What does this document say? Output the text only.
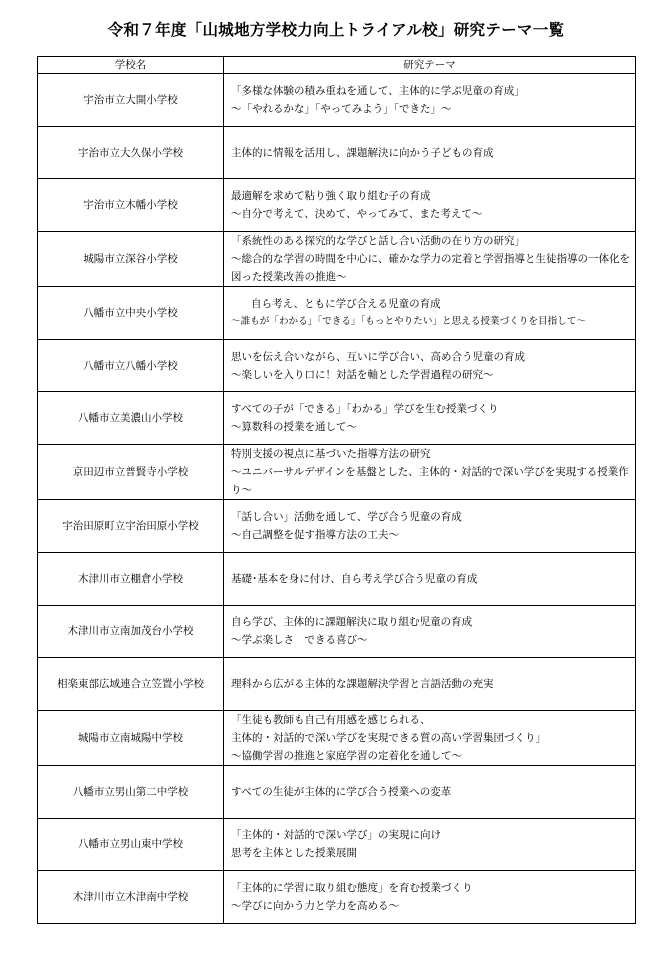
令和７年度「山城地方学校力向上トライアル校」研究テーマ一覧
学校名	研究テーマ
宇治市立大開小学校	「多様な体験の積み重ねを通して、主体的に学ぶ児童の育成」
～「やれるかな」「やってみよう」「できた」～

宇治市立大久保小学校	主体的に情報を活用し、課題解決に向かう子どもの育成

宇治市立木幡小学校	最適解を求めて粘り強く取り組む子の育成
～自分で考えて、決めて、やってみて、また考えて～

城陽市立深谷小学校	「系統性のある探究的な学びと話し合い活動の在り方の研究」
～総合的な学習の時間を中心に、確かな学力の定着と学習指導と生徒指導の一体化を図った授業改善の推進～

八幡市立中央小学校	自ら考え、ともに学び合える児童の育成
～誰もが「わかる」「できる」「もっとやりたい」と思える授業づくりを目指して～

八幡市立八幡小学校	思いを伝え合いながら、互いに学び合い、高め合う児童の育成
～楽しいを入り口に！対話を軸とした学習過程の研究～

八幡市立美濃山小学校	すべての子が「できる」「わかる」学びを生む授業づくり
～算数科の授業を通して～

京田辺市立普賢寺小学校	特別支援の視点に基づいた指導方法の研究
～ユニバーサルデザインを基盤とした、主体的・対話的で深い学びを実現する授業作り～

宇治田原町立宇治田原小学校	「話し合い」活動を通して、学び合う児童の育成
～自己調整を促す指導方法の工夫～

木津川市立棚倉小学校	基礎･基本を身に付け、自ら考え学び合う児童の育成

木津川市立南加茂台小学校	自ら学び、主体的に課題解決に取り組む児童の育成
～学ぶ楽しさ　できる喜び～

相楽東部広域連合立笠置小学校	理科から広がる主体的な課題解決学習と言語活動の充実

城陽市立南城陽中学校	「生徒も教師も自己有用感を感じられる、
主体的・対話的で深い学びを実現できる質の高い学習集団づくり」
～協働学習の推進と家庭学習の定着化を通して～

八幡市立男山第二中学校	すべての生徒が主体的に学び合う授業への変革

八幡市立男山東中学校	「主体的・対話的で深い学び」の実現に向け
思考を主体とした授業展開

木津川市立木津南中学校	「主体的に学習に取り組む態度」を育む授業づくり
～学びに向かう力と学力を高める～
